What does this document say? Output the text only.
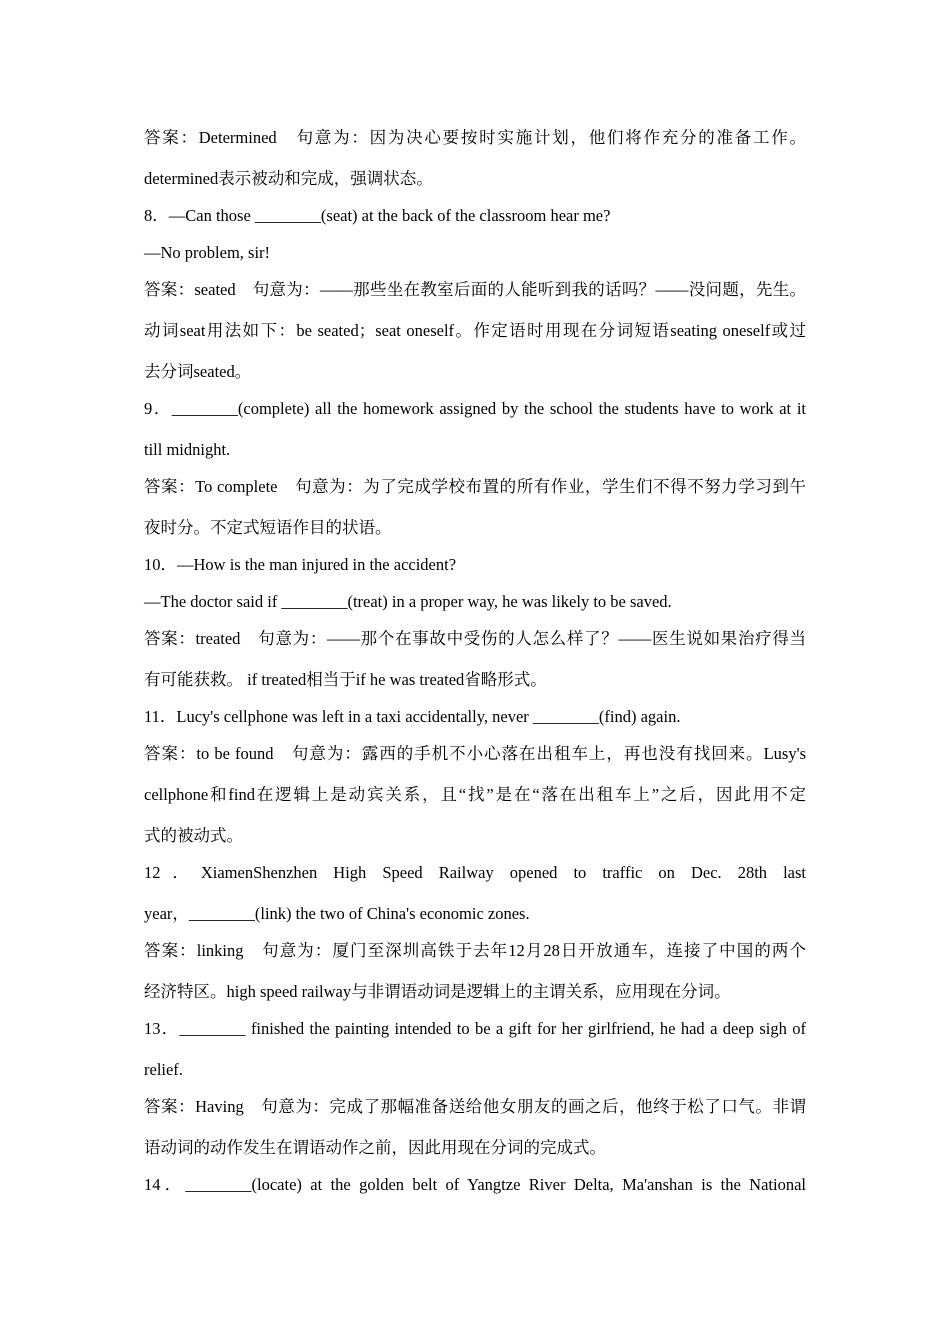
答案：Determined　句意为：因为决心要按时实施计划，他们将作充分的准备工作。
determined表示被动和完成，强调状态。
8．—Can those ________(seat) at the back of the classroom hear me?
—No problem, sir!
答案：seated　句意为：——那些坐在教室后面的人能听到我的话吗？——没问题，先生。
动词seat用法如下：be seated；seat oneself。作定语时用现在分词短语seating oneself或过
去分词seated。
9．________(complete) all the homework assigned by the school the students have to work at it
till midnight.
答案：To complete　句意为：为了完成学校布置的所有作业，学生们不得不努力学习到午
夜时分。不定式短语作目的状语。
10．—How is the man injured in the accident?
—The doctor said if ________(treat) in a proper way, he was likely to be saved.
答案：treated　句意为：——那个在事故中受伤的人怎么样了？——医生说如果治疗得当
有可能获救。 if treated相当于if he was treated省略形式。
11．Lucy's cellphone was left in a taxi accidentally, never ________(find) again.
答案：to be found　句意为：露西的手机不小心落在出租车上，再也没有找回来。Lusy's
cellphone和find在逻辑上是动宾关系，且“找”是在“落在出租车上”之后，因此用不定
式的被动式。
12．XiamenShenzhen High Speed Railway opened to traffic on Dec. 28th last
year，________(link) the two of China's economic zones.
答案：linking　句意为：厦门至深圳高铁于去年12月28日开放通车，连接了中国的两个
经济特区。high speed railway与非谓语动词是逻辑上的主谓关系，应用现在分词。
13．________ finished the painting intended to be a gift for her girlfriend, he had a deep sigh of
relief.
答案：Having　句意为：完成了那幅准备送给他女朋友的画之后，他终于松了口气。非谓
语动词的动作发生在谓语动作之前，因此用现在分词的完成式。
14．________(locate) at the golden belt of Yangtze River Delta, Ma'anshan is the National
